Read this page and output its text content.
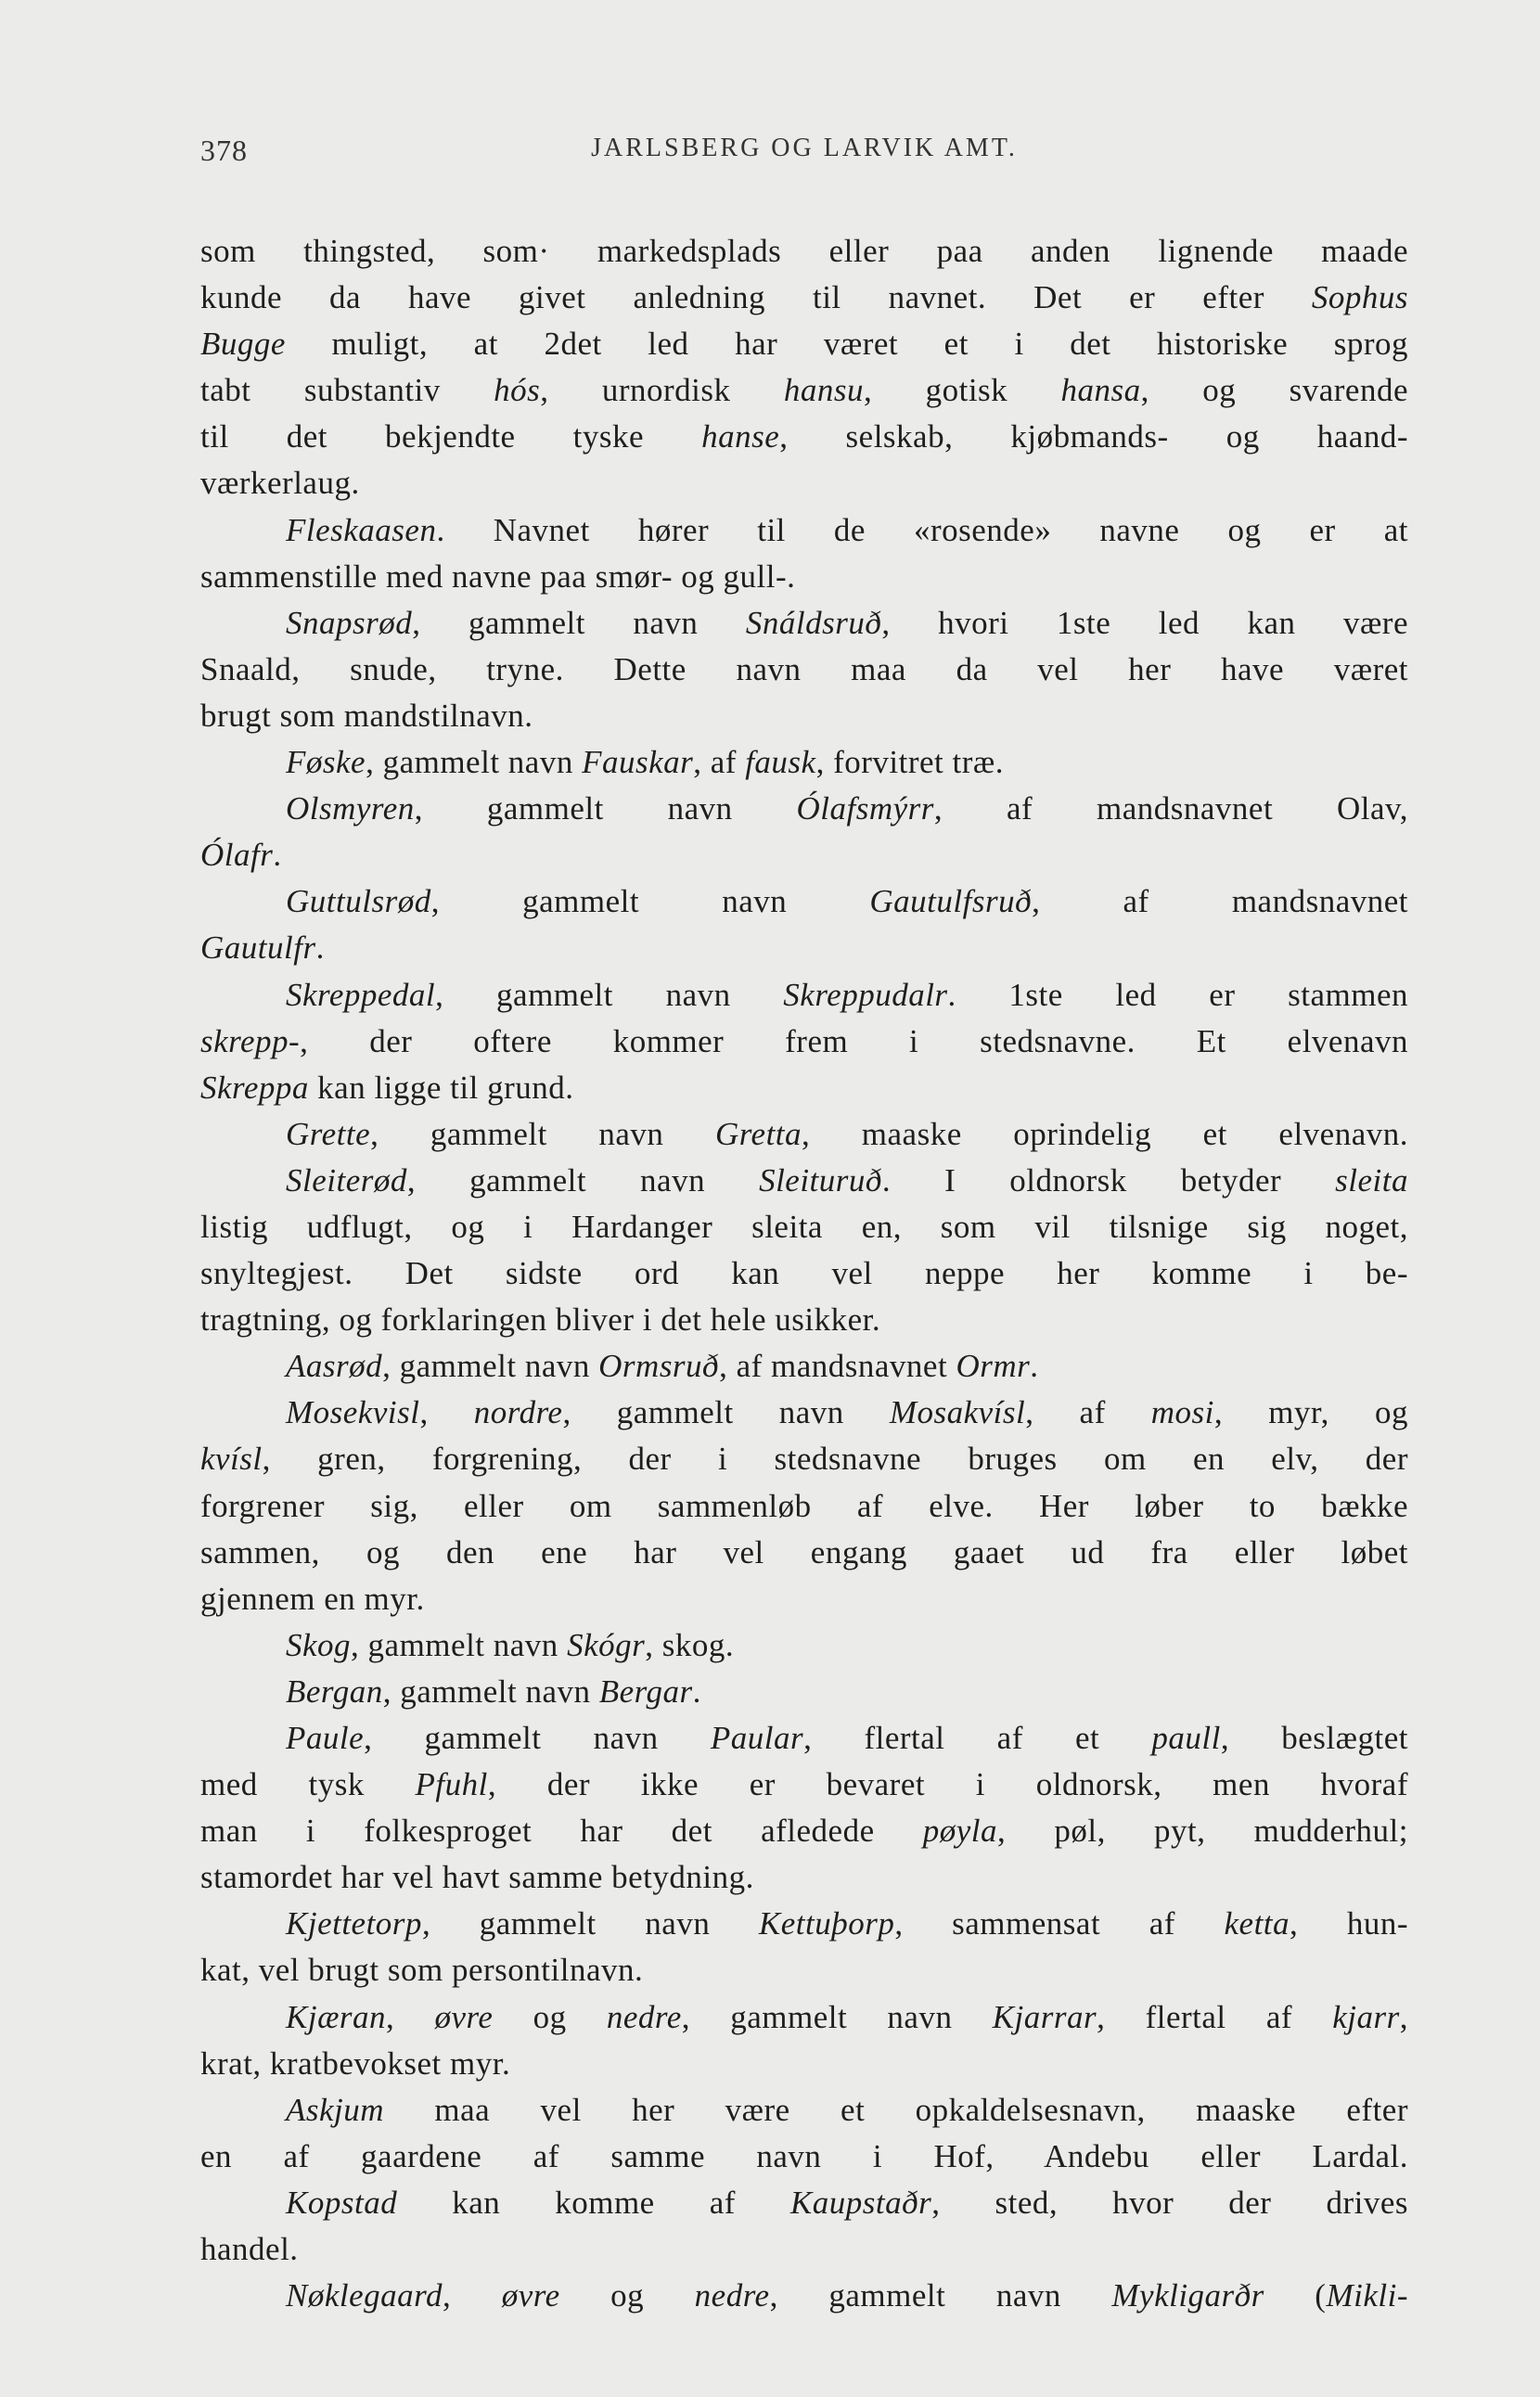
378	JARLSBERG OG LARVIK AMT.
som thingsted, som· markedsplads eller paa anden lignende maade
kunde da have givet anledning til navnet. Det er efter Sophus
Bugge muligt, at 2det led har været et i det historiske sprog
tabt substantiv hós, urnordisk hansu, gotisk hansa, og svarende
til det bekjendte tyske hanse, selskab, kjøbmands- og haand-
værkerlaug.
Fleskaasen. Navnet hører til de «rosende» navne og er at
sammenstille med navne paa smør- og gull-.
Snapsrød, gammelt navn Snáldsruð, hvori 1ste led kan være
Snaald, snude, tryne. Dette navn maa da vel her have været
brugt som mandstilnavn.
Føske, gammelt navn Fauskar, af fausk, forvitret træ.
Olsmyren, gammelt navn Ólafsmýrr, af mandsnavnet Olav,
Ólafr.
Guttulsrød, gammelt navn Gautulfsruð, af mandsnavnet
Gautulfr.
Skreppedal, gammelt navn Skreppudalr. 1ste led er stammen
skrepp-, der oftere kommer frem i stedsnavne. Et elvenavn
Skreppa kan ligge til grund.
Grette, gammelt navn Gretta, maaske oprindelig et elvenavn.
Sleiterød, gammelt navn Sleituruð. I oldnorsk betyder sleita
listig udflugt, og i Hardanger sleita en, som vil tilsnige sig noget,
snyltegjest. Det sidste ord kan vel neppe her komme i be-
tragtning, og forklaringen bliver i det hele usikker.
Aasrød, gammelt navn Ormsruð, af mandsnavnet Ormr.
Mosekvisl, nordre, gammelt navn Mosakvísl, af mosi, myr, og
kvísl, gren, forgrening, der i stedsnavne bruges om en elv, der
forgrener sig, eller om sammenløb af elve. Her løber to bække
sammen, og den ene har vel engang gaaet ud fra eller løbet
gjennem en myr.
Skog, gammelt navn Skógr, skog.
Bergan, gammelt navn Bergar.
Paule, gammelt navn Paular, flertal af et paull, beslægtet
med tysk Pfuhl, der ikke er bevaret i oldnorsk, men hvoraf
man i folkesproget har det afledede pøyla, pøl, pyt, mudderhul;
stamordet har vel havt samme betydning.
Kjettetorp, gammelt navn Kettuþorp, sammensat af ketta, hun-
kat, vel brugt som persontilnavn.
Kjæran, øvre og nedre, gammelt navn Kjarrar, flertal af kjarr,
krat, kratbevokset myr.
Askjum maa vel her være et opkaldelsesnavn, maaske efter
en af gaardene af samme navn i Hof, Andebu eller Lardal.
Kopstad kan komme af Kaupstaðr, sted, hvor der drives
handel.
Nøklegaard, øvre og nedre, gammelt navn Mykligarðr (Mikli-
